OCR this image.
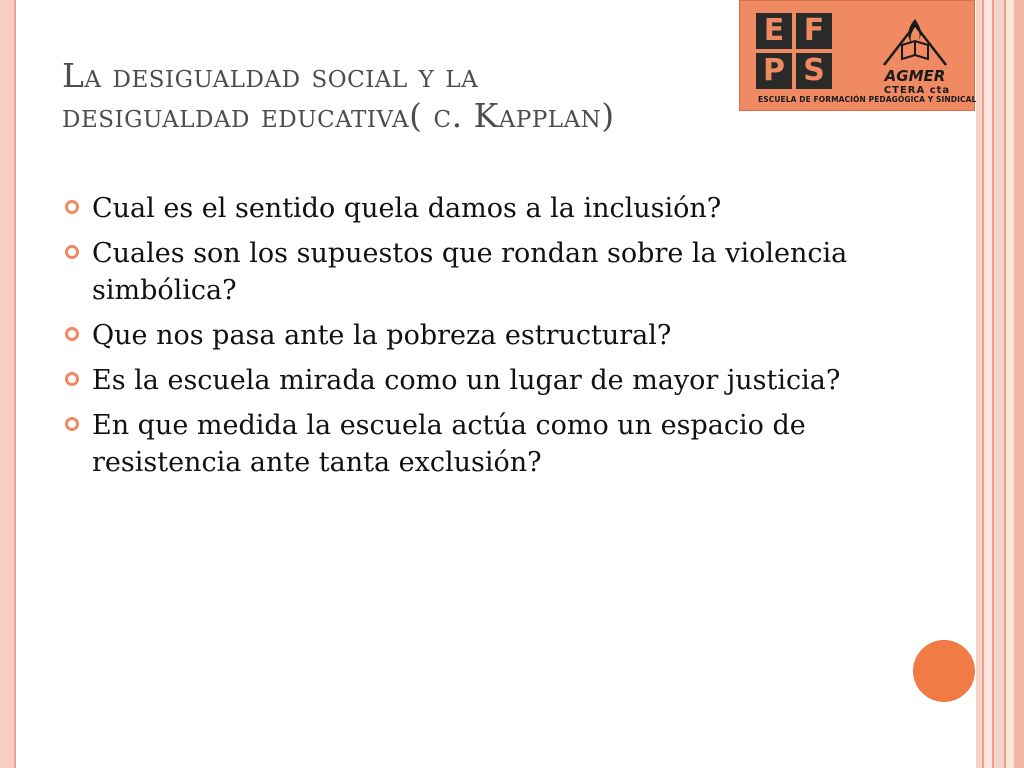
La desigualdad social y la
desigualdad educativa( c. Kapplan)
E F
P S	AGMER
CTERA cta
ESCUELA DE FORMACIÓN PEDAGÓGICA Y SINDICAL
Cual es el sentido quela damos a la inclusión?
Cuales son los supuestos que rondan sobre la violencia simbólica?
Que nos pasa ante la pobreza estructural?
Es la escuela mirada como un lugar de mayor justicia?
En que medida la escuela actúa como un espacio de resistencia ante tanta exclusión?
